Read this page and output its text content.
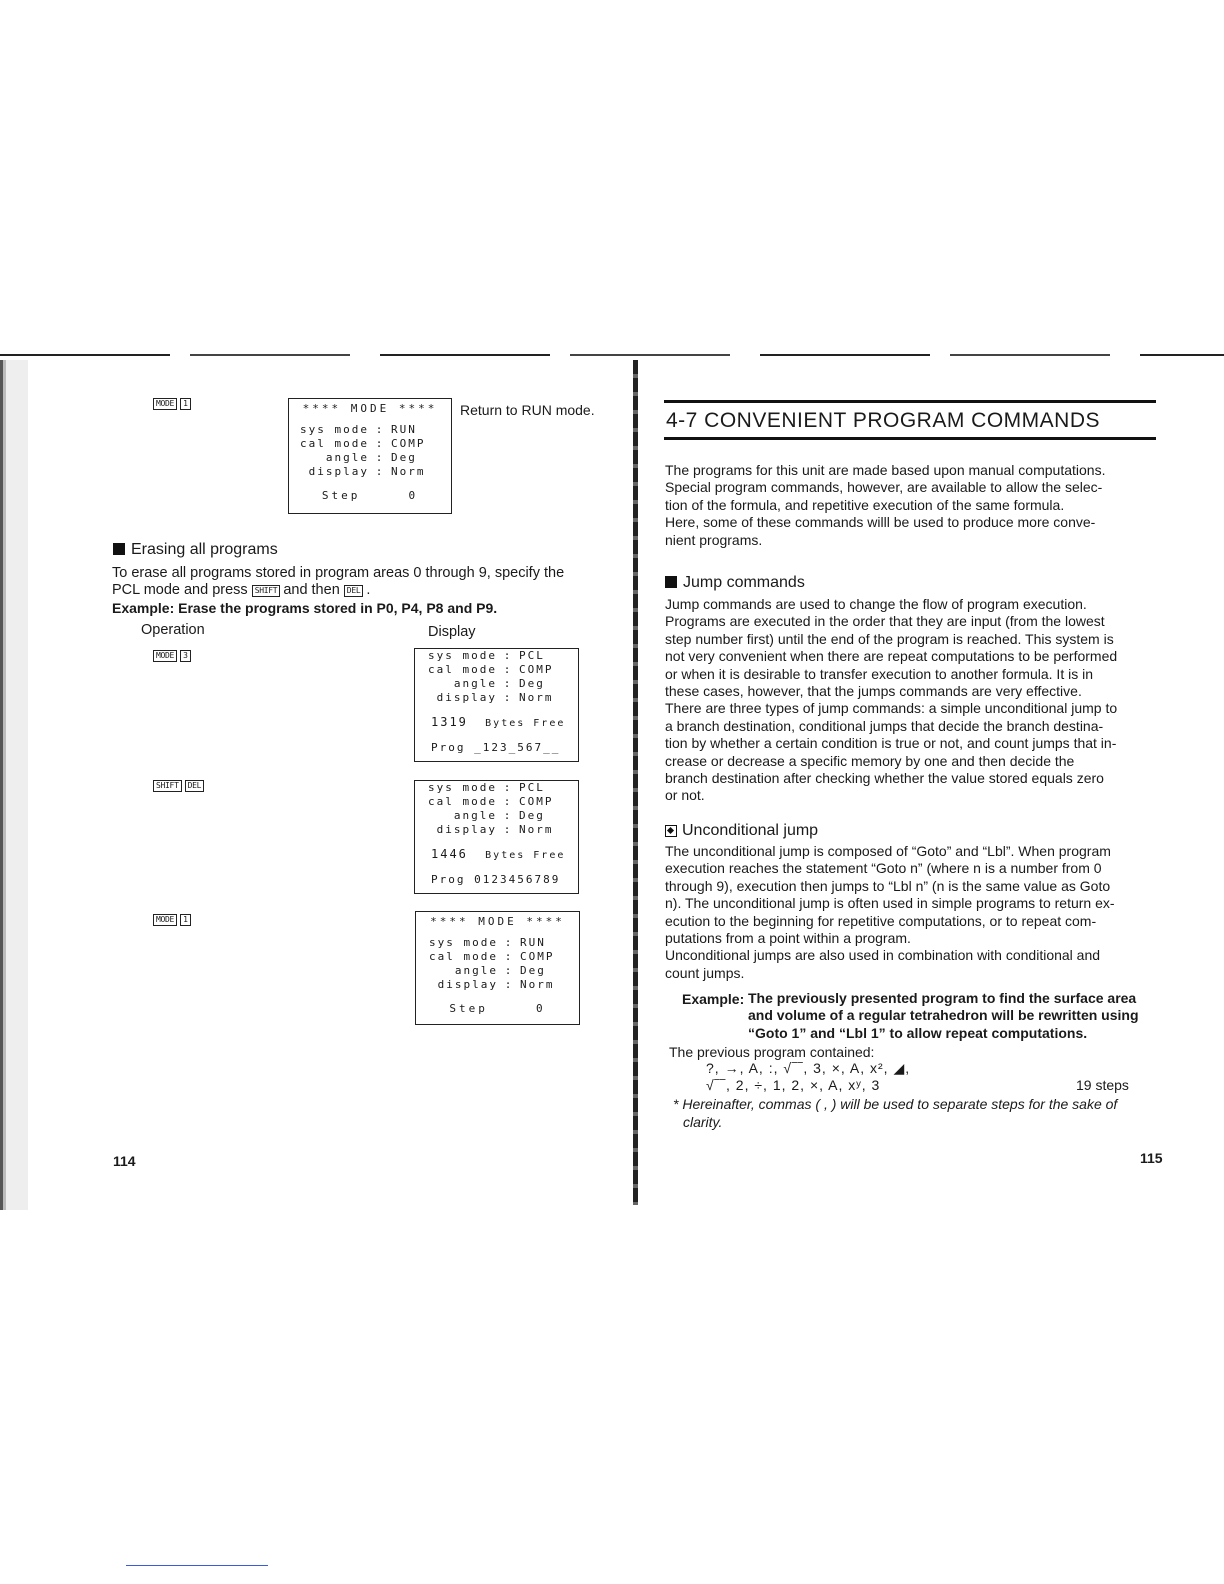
MODE 1	**** MODE ****
sys mode : RUN
cal mode : COMP
angle : Deg
display : Norm
Step	0
Return to RUN mode.
Erasing all programs

To erase all programs stored in program areas 0 through 9, specify the
PCL mode and press SHIFT and then DEL .

Example: Erase the programs stored in P0, P4, P8 and P9.
Operation	Display
MODE 3	sys mode : PCL
cal mode : COMP
angle : Deg
display : Norm
1319 Bytes Free
Prog _123_567__
SHIFT DEL	sys mode : PCL
cal mode : COMP
angle : Deg
display : Norm
1446 Bytes Free
Prog 0123456789
MODE 1	**** MODE ****
sys mode : RUN
cal mode : COMP
angle : Deg
display : Norm
Step	0
114
4-7 CONVENIENT PROGRAM COMMANDS

The programs for this unit are made based upon manual computations.
Special program commands, however, are available to allow the selec-
tion of the formula, and repetitive execution of the same formula.
Here, some of these commands willl be used to produce more conve-
nient programs.

Jump commands

Jump commands are used to change the flow of program execution.
Programs are executed in the order that they are input (from the lowest
step number first) until the end of the program is reached. This system is
not very convenient when there are repeat computations to be performed
or when it is desirable to transfer execution to another formula. It is in
these cases, however, that the jumps commands are very effective.
There are three types of jump commands: a simple unconditional jump to
a branch destination, conditional jumps that decide the branch destina-
tion by whether a certain condition is true or not, and count jumps that in-
crease or decrease a specific memory by one and then decide the
branch destination after checking whether the value stored equals zero
or not.

Unconditional jump

The unconditional jump is composed of “Goto” and “Lbl”. When program
execution reaches the statement “Goto n” (where n is a number from 0
through 9), execution then jumps to “Lbl n” (n is the same value as Goto
n). The unconditional jump is often used in simple programs to return ex-
ecution to the beginning for repetitive computations, or to repeat com-
putations from a point within a program.
Unconditional jumps are also used in combination with conditional and
count jumps.

Example: The previously presented program to find the surface area
and volume of a regular tetrahedron will be rewritten using
“Goto 1” and “Lbl 1” to allow repeat computations.

The previous program contained:
?, →, A, :, √‾‾, 3, ×, A, x², ◢,
√‾‾, 2, ÷, 1, 2, ×, A, xʸ, 3	19 steps
* Hereinafter, commas ( , ) will be used to separate steps for the sake of
clarity.
115
